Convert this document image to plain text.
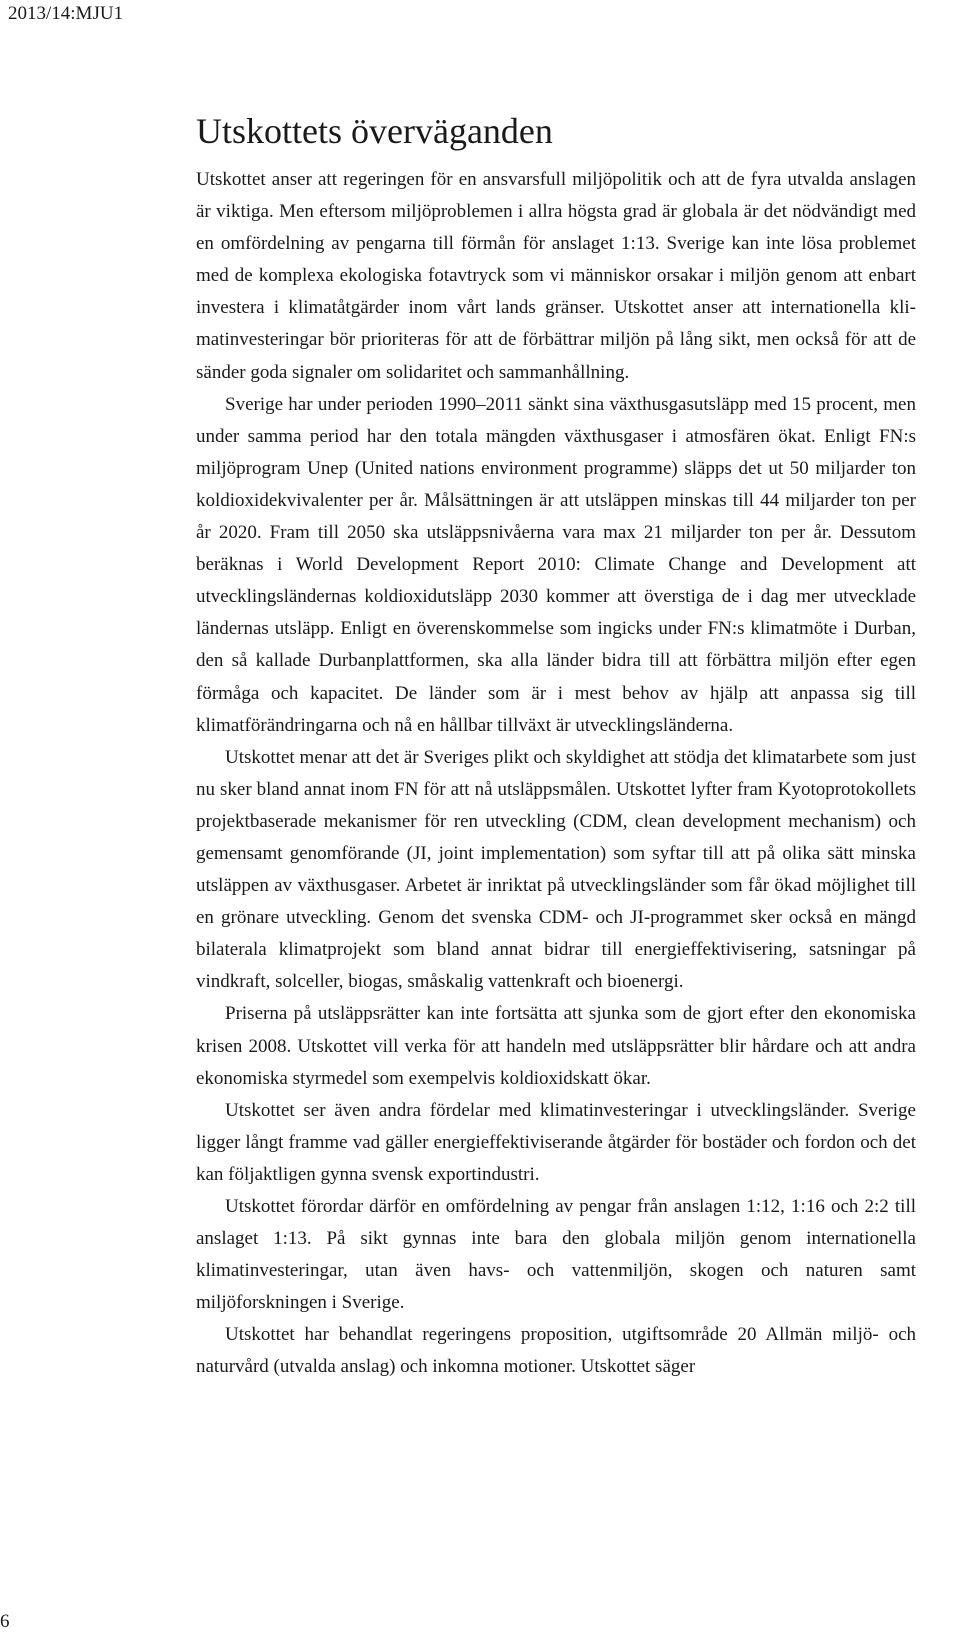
2013/14:MJU1
Utskottets överväganden

Utskottet anser att regeringen för en ansvarsfull miljöpolitik och att de fyra utvalda anslagen är viktiga. Men eftersom miljöproblemen i allra högsta grad är globala är det nödvändigt med en omfördelning av pengarna till förmån för anslaget 1:13. Sverige kan inte lösa problemet med de komplexa ekologiska fotavtryck som vi människor orsakar i miljön genom att enbart investera i klimatåtgärder inom vårt lands gränser. Utskottet anser att internationella klimatinvesteringar bör prioriteras för att de förbättrar miljön på lång sikt, men också för att de sänder goda signaler om solidaritet och sammanhållning.

Sverige har under perioden 1990–2011 sänkt sina växthusgasutsläpp med 15 procent, men under samma period har den totala mängden växthusgaser i atmosfären ökat. Enligt FN:s miljöprogram Unep (United nations environment programme) släpps det ut 50 miljarder ton koldioxidekvivalenter per år. Målsättningen är att utsläppen minskas till 44 miljarder ton per år 2020. Fram till 2050 ska utsläppsnivåerna vara max 21 miljarder ton per år. Dessutom beräknas i World Development Report 2010: Climate Change and Development att utvecklingsländernas koldioxidutsläpp 2030 kommer att överstiga de i dag mer utvecklade ländernas utsläpp. Enligt en överenskommelse som ingicks under FN:s klimatmöte i Durban, den så kallade Durbanplattformen, ska alla länder bidra till att förbättra miljön efter egen förmåga och kapacitet. De länder som är i mest behov av hjälp att anpassa sig till klimatförändringarna och nå en hållbar tillväxt är utvecklingsländerna.

Utskottet menar att det är Sveriges plikt och skyldighet att stödja det klimatarbete som just nu sker bland annat inom FN för att nå utsläppsmålen. Utskottet lyfter fram Kyotoprotokollets projektbaserade mekanismer för ren utveckling (CDM, clean development mechanism) och gemensamt genomförande (JI, joint implementation) som syftar till att på olika sätt minska utsläppen av växthusgaser. Arbetet är inriktat på utvecklingsländer som får ökad möjlighet till en grönare utveckling. Genom det svenska CDM- och JI-programmet sker också en mängd bilaterala klimatprojekt som bland annat bidrar till energieffektivisering, satsningar på vindkraft, solceller, biogas, småskalig vattenkraft och bioenergi.

Priserna på utsläppsrätter kan inte fortsätta att sjunka som de gjort efter den ekonomiska krisen 2008. Utskottet vill verka för att handeln med utsläppsrätter blir hårdare och att andra ekonomiska styrmedel som exempelvis koldioxidskatt ökar.

Utskottet ser även andra fördelar med klimatinvesteringar i utvecklingsländer. Sverige ligger långt framme vad gäller energieffektiviserande åtgärder för bostäder och fordon och det kan följaktligen gynna svensk exportindustri.

Utskottet förordar därför en omfördelning av pengar från anslagen 1:12, 1:16 och 2:2 till anslaget 1:13. På sikt gynnas inte bara den globala miljön genom internationella klimatinvesteringar, utan även havs- och vattenmiljön, skogen och naturen samt miljöforskningen i Sverige.

Utskottet har behandlat regeringens proposition, utgiftsområde 20 Allmän miljö- och naturvård (utvalda anslag) och inkomna motioner. Utskottet säger

6
